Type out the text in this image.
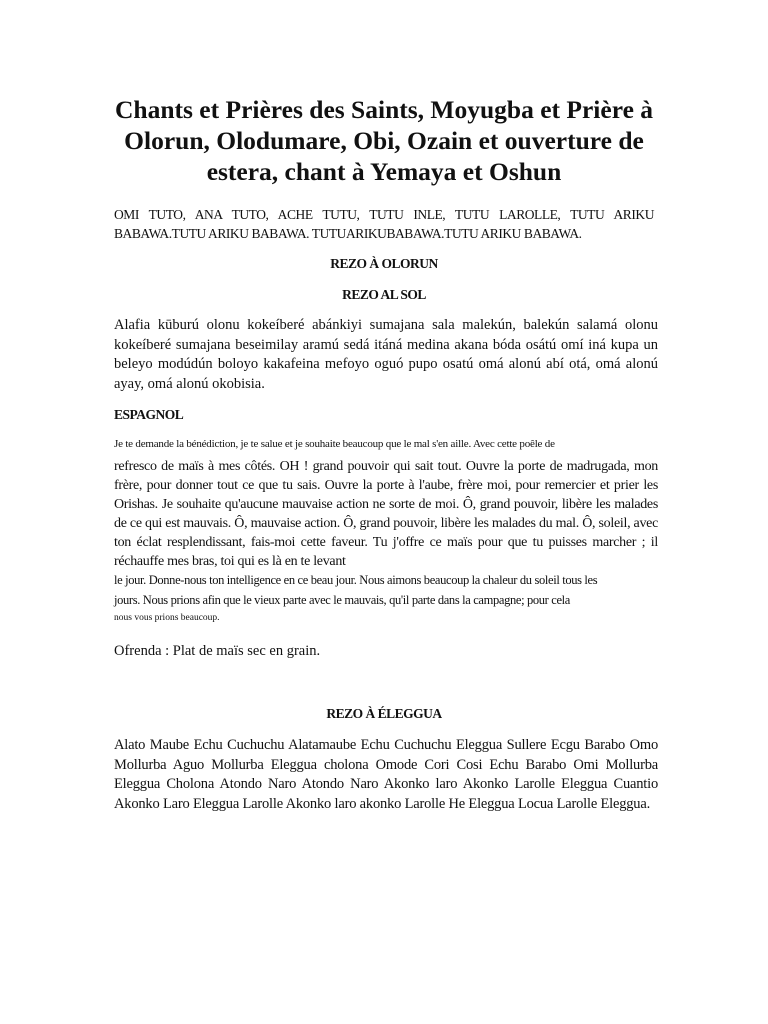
Chants et Prières des Saints, Moyugba et Prière à Olorun, Olodumare, Obi, Ozain et ouverture de estera, chant à Yemaya et Oshun

OMI TUTO, ANA TUTO, ACHE TUTU, TUTU INLE, TUTU LAROLLE, TUTU ARIKU BABAWA.TUTU ARIKU BABAWA. TUTUARIKUBABAWA.TUTU ARIKU BABAWA.

REZO À OLORUN

REZO AL SOL

Alafia kūburú olonu kokeíberé abánkiyi sumajana sala malekún, balekún salamá olonu kokeíberé sumajana beseimilay aramú sedá itáná medina akana bóda osátú omí iná kupa un beleyo modúdún boloyo kakafeina mefoyo oguó pupo osatú omá alonú abí otá, omá alonú ayay, omá alonú okobisia.

ESPAGNOL

Je te demande la bénédiction, je te salue et je souhaite beaucoup que le mal s'en aille. Avec cette poêle de

refresco de maïs à mes côtés. OH ! grand pouvoir qui sait tout. Ouvre la porte de madrugada, mon frère, pour donner tout ce que tu sais. Ouvre la porte à l'aube, frère moi, pour remercier et prier les Orishas. Je souhaite qu'aucune mauvaise action ne sorte de moi. Ô, grand pouvoir, libère les malades de ce qui est mauvais. Ô, mauvaise action. Ô, grand pouvoir, libère les malades du mal. Ô, soleil, avec ton éclat resplendissant, fais-moi cette faveur. Tu j'offre ce maïs pour que tu puisses marcher ; il réchauffe mes bras, toi qui es là en te levant

le jour. Donne-nous ton intelligence en ce beau jour. Nous aimons beaucoup la chaleur du soleil tous les

jours. Nous prions afin que le vieux parte avec le mauvais, qu'il parte dans la campagne; pour cela

nous vous prions beaucoup.

Ofrenda : Plat de maïs sec en grain.

REZO À ÉLEGGUA

Alato Maube Echu Cuchuchu Alatamaube Echu Cuchuchu Eleggua Sullere Ecgu Barabo Omo Mollurba Aguo Mollurba Eleggua cholona Omode Cori Cosi Echu Barabo Omi Mollurba Eleggua Cholona Atondo Naro Atondo Naro Akonko laro Akonko Larolle Eleggua Cuantio Akonko Laro Eleggua Larolle Akonko laro akonko Larolle He Eleggua Locua Larolle Eleggua.
